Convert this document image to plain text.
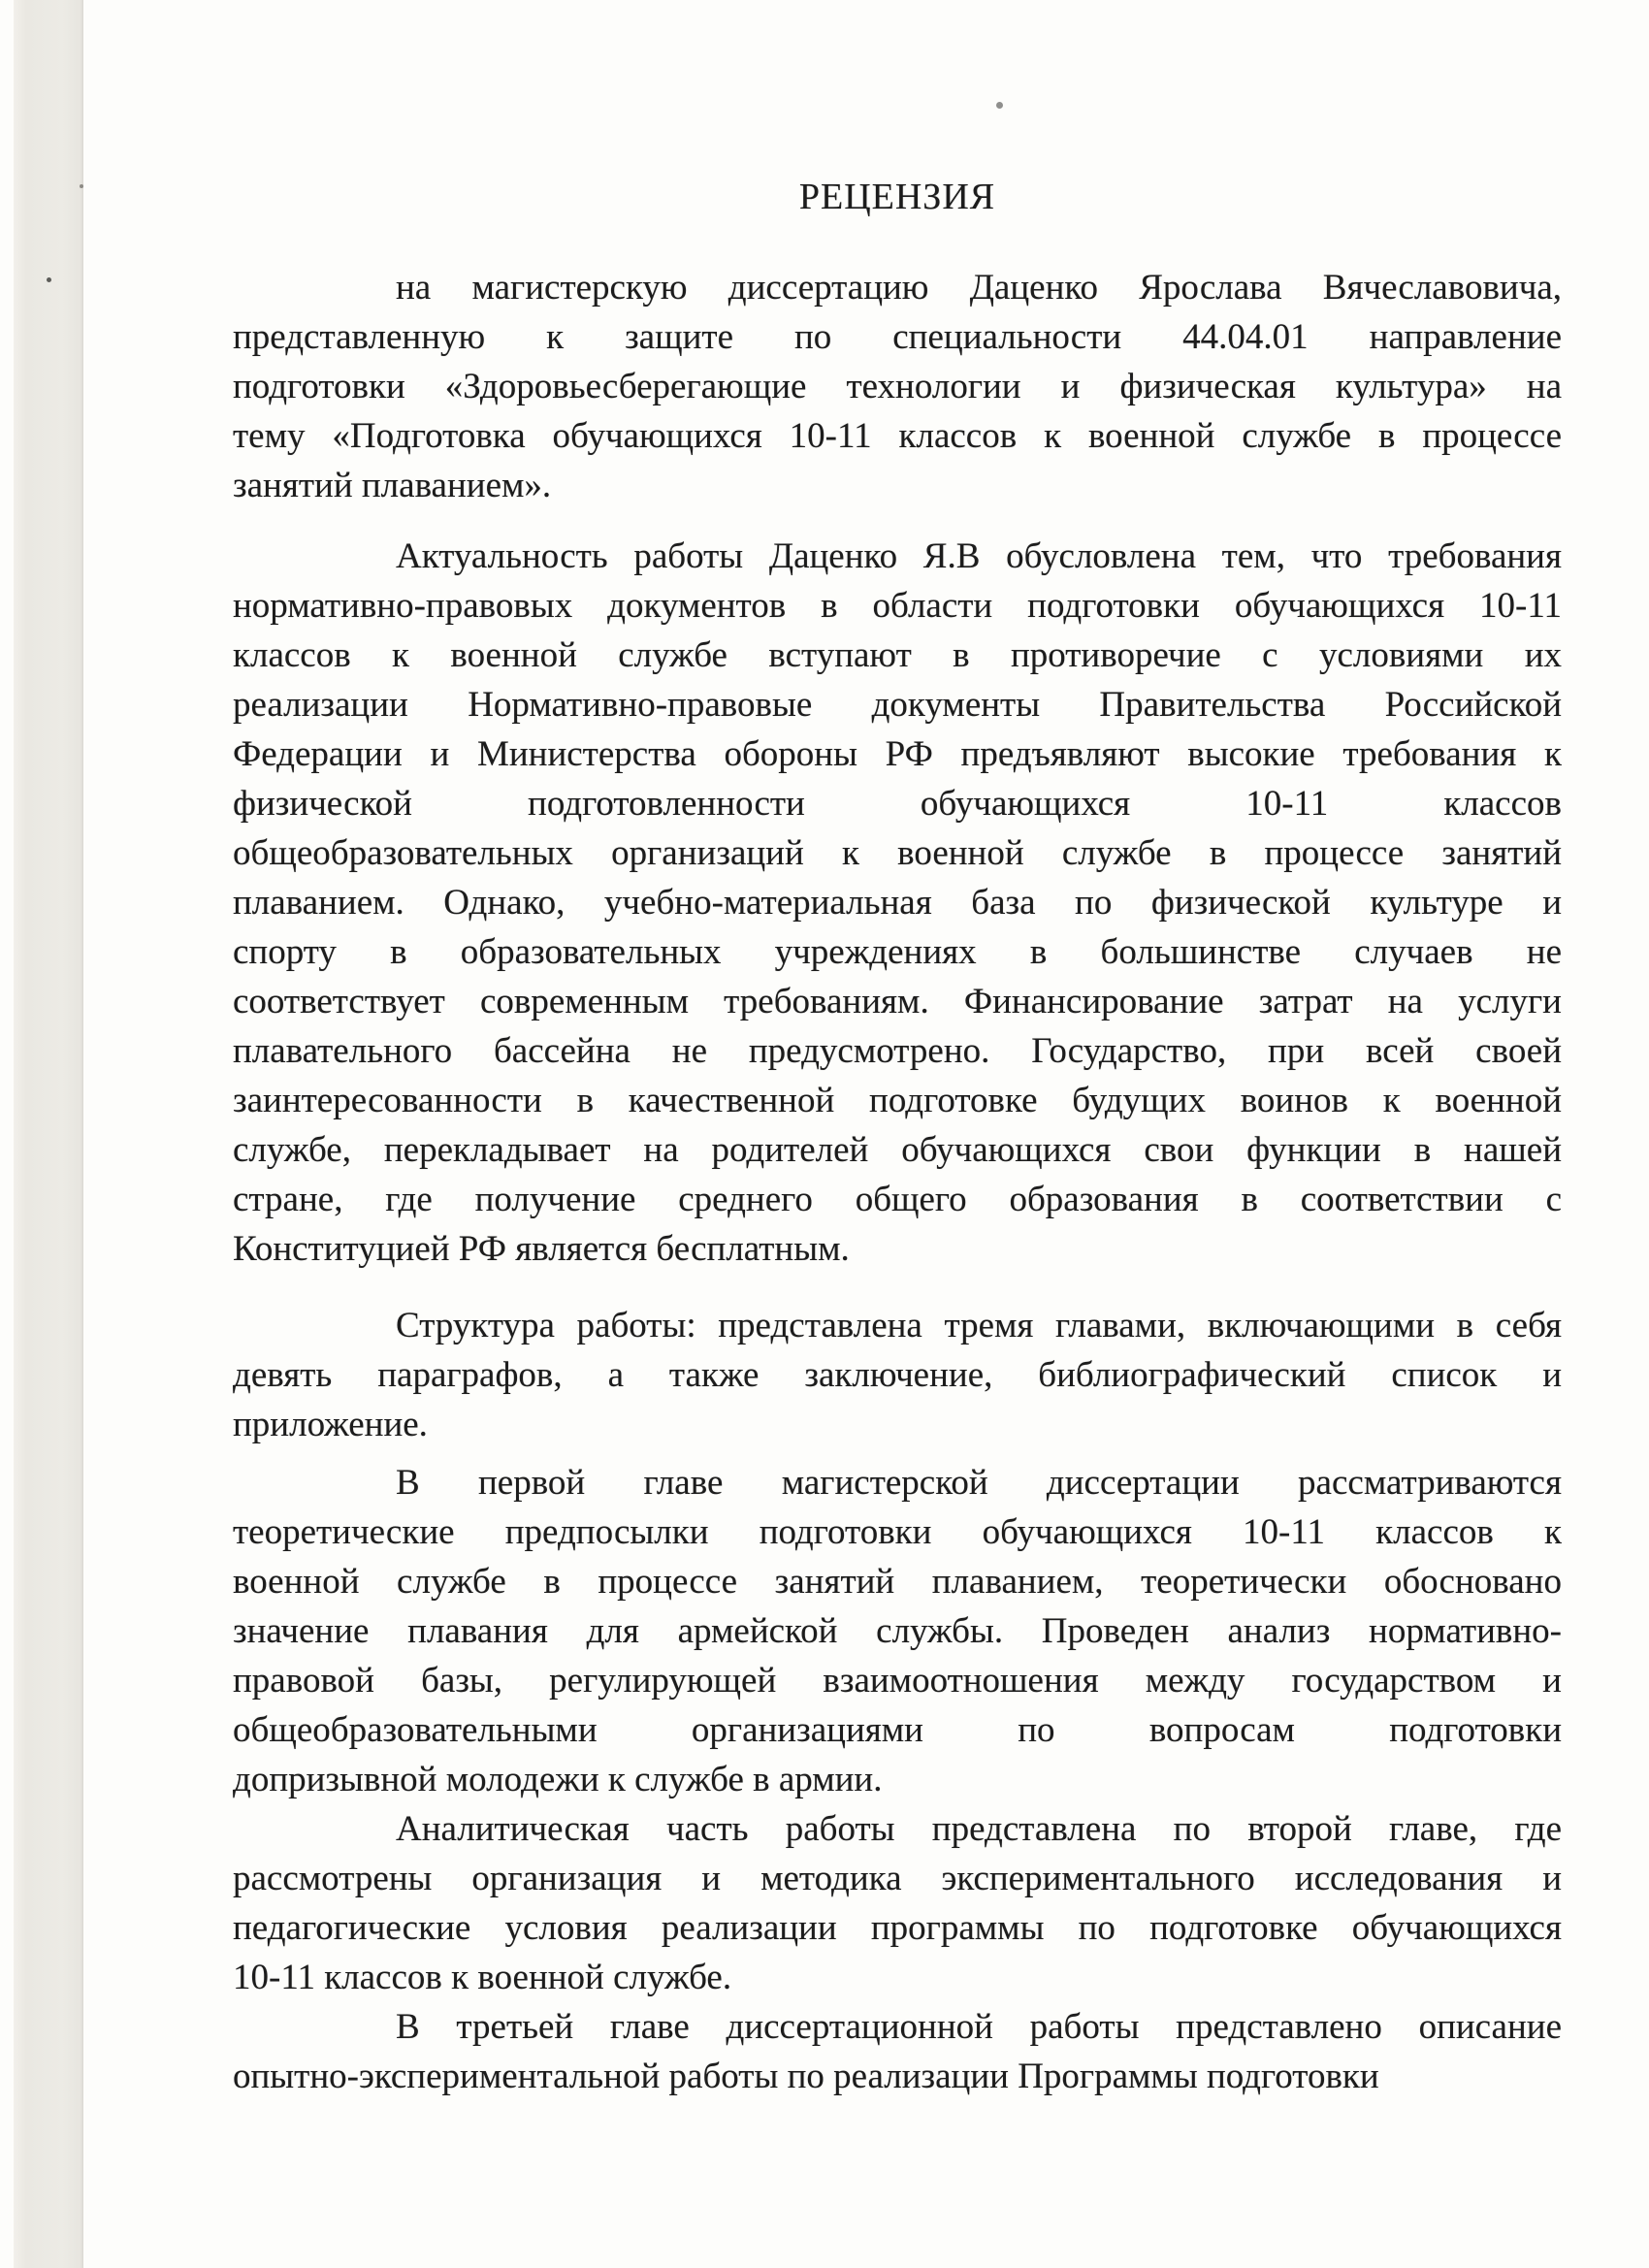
РЕЦЕНЗИЯ
на магистерскую диссертацию Даценко Ярослава Вячеславовича,
представленную к защите по специальности 44.04.01 направление
подготовки «Здоровьесберегающие технологии и физическая культура» на
тему «Подготовка обучающихся 10-11 классов к военной службе в процессе
занятий плаванием».
Актуальность работы Даценко Я.В обусловлена тем, что требования
нормативно-правовых документов в области подготовки обучающихся 10-11
классов к военной службе вступают в противоречие с условиями их
реализации Нормативно-правовые документы Правительства Российской
Федерации и Министерства обороны РФ предъявляют высокие требования к
физической подготовленности обучающихся 10-11 классов
общеобразовательных организаций к военной службе в процессе занятий
плаванием. Однако, учебно-материальная база по физической культуре и
спорту в образовательных учреждениях в большинстве случаев не
соответствует современным требованиям. Финансирование затрат на услуги
плавательного бассейна не предусмотрено. Государство, при всей своей
заинтересованности в качественной подготовке будущих воинов к военной
службе, перекладывает на родителей обучающихся свои функции в нашей
стране, где получение среднего общего образования в соответствии с
Конституцией РФ является бесплатным.
Структура работы: представлена тремя главами, включающими в себя
девять параграфов, а также заключение, библиографический список и
приложение.
В первой главе магистерской диссертации рассматриваются
теоретические предпосылки подготовки обучающихся 10-11 классов к
военной службе в процессе занятий плаванием, теоретически обосновано
значение плавания для армейской службы. Проведен анализ нормативно-
правовой базы, регулирующей взаимоотношения между государством и
общеобразовательными организациями по вопросам подготовки
допризывной молодежи к службе в армии.
Аналитическая часть работы представлена по второй главе, где
рассмотрены организация и методика экспериментального исследования и
педагогические условия реализации программы по подготовке обучающихся
10-11 классов к военной службе.
В третьей главе диссертационной работы представлено описание
опытно-экспериментальной работы по реализации Программы подготовки
